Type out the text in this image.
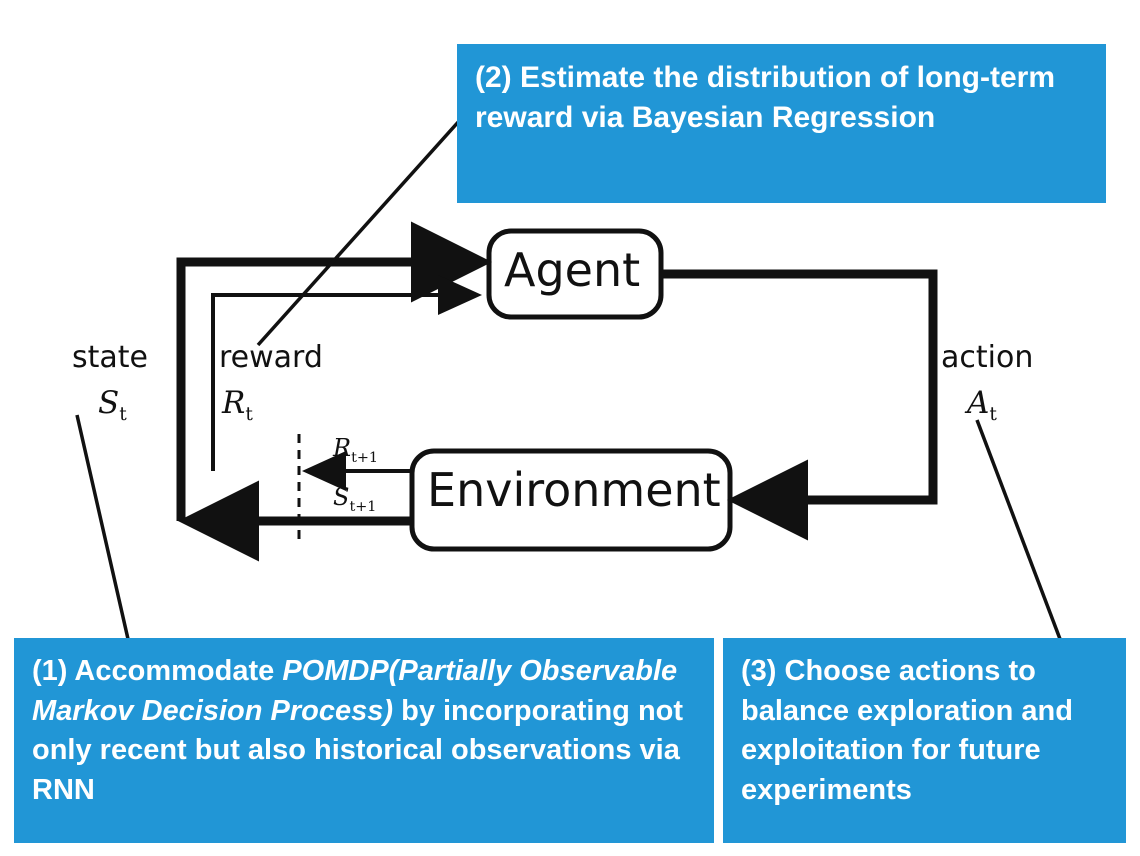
Agent
Environment
state reward	action
$S_t$	$R_t$	$A_t$
$R_{t+1}$
$S_{t+1}$
(2) Estimate the distribution of long-term reward via Bayesian Regression
(1) Accommodate POMDP(Partially Observable Markov Decision Process) by incorporating not only recent but also historical observations via RNN
(3) Choose actions to balance exploration and exploitation for future experiments
